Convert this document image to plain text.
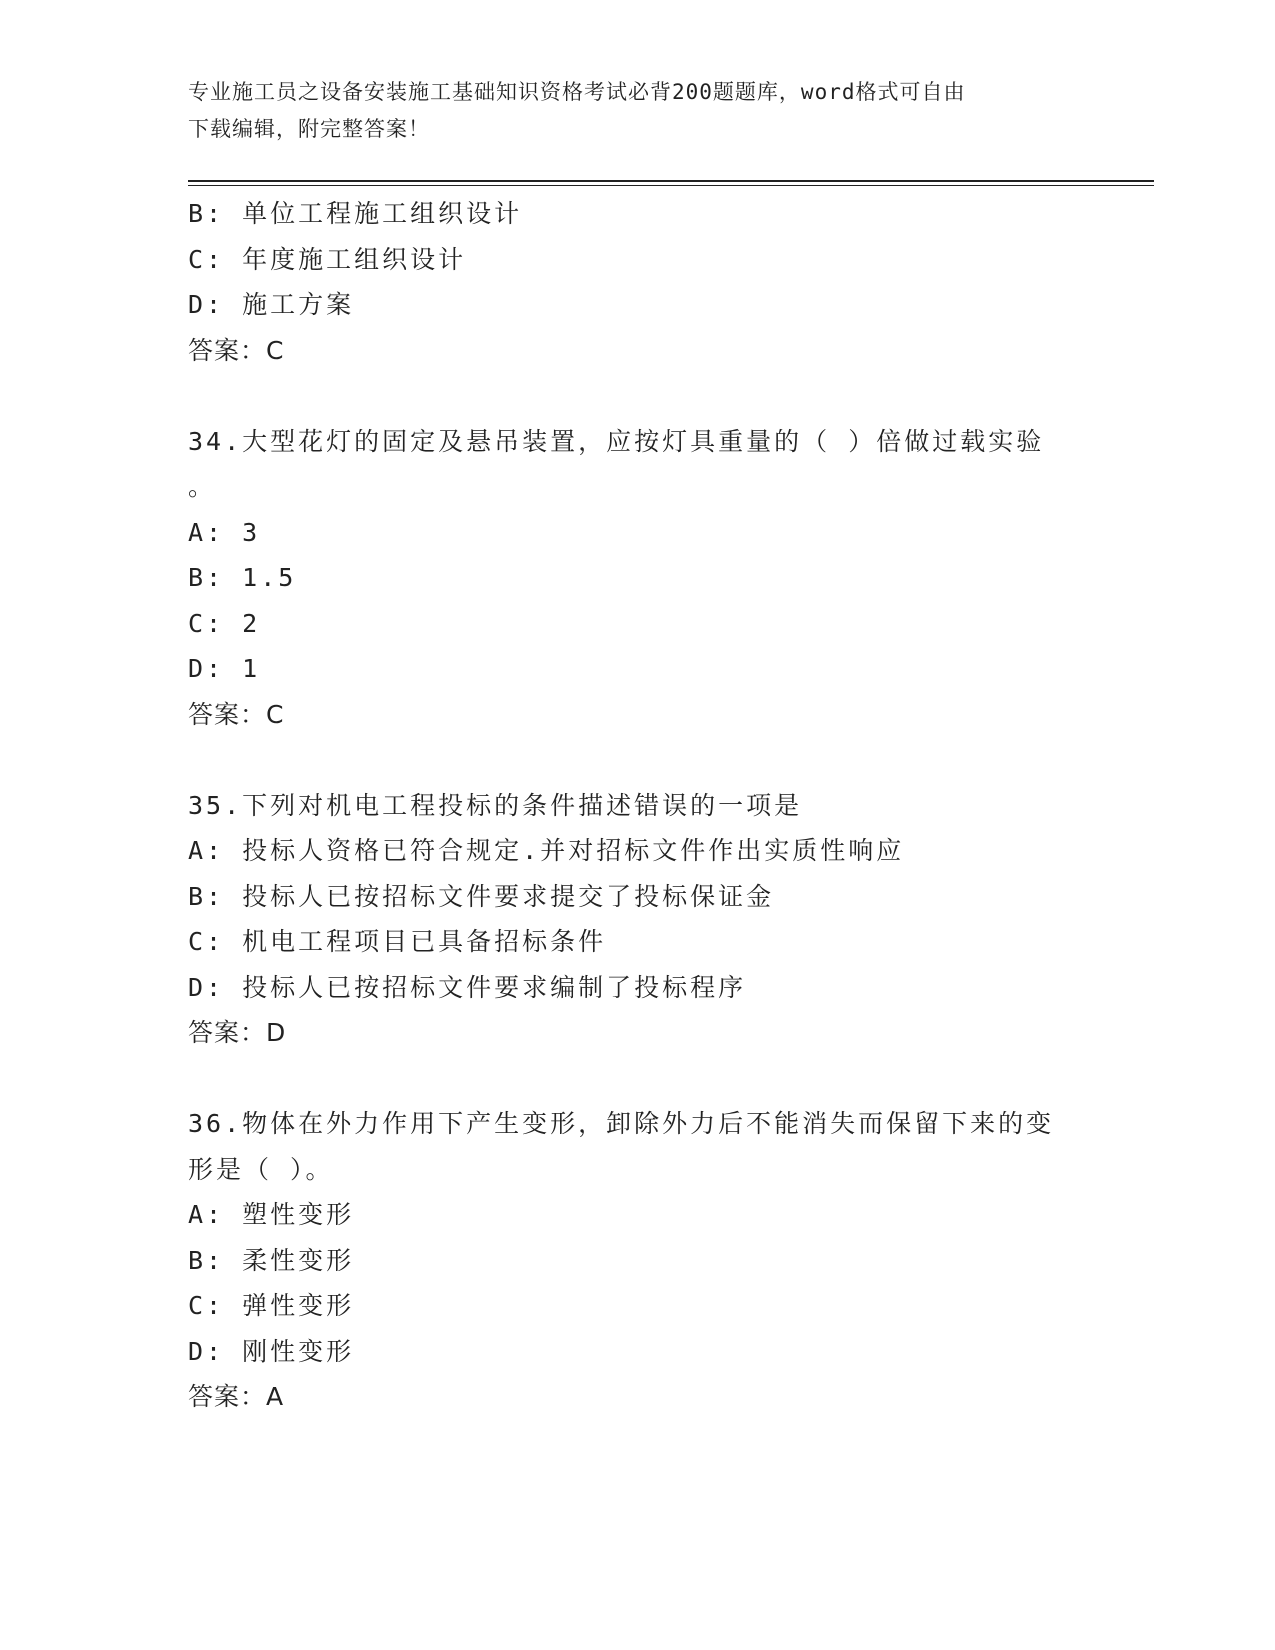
专业施工员之设备安装施工基础知识资格考试必背200题题库，word格式可自由
下载编辑，附完整答案！
B: 单位工程施工组织设计
C: 年度施工组织设计
D: 施工方案
答案：C
34.大型花灯的固定及悬吊装置，应按灯具重量的（ ）倍做过载实验
。
A: 3
B: 1.5
C: 2
D: 1
答案：C
35.下列对机电工程投标的条件描述错误的一项是
A: 投标人资格已符合规定.并对招标文件作出实质性响应
B: 投标人已按招标文件要求提交了投标保证金
C: 机电工程项目已具备招标条件
D: 投标人已按招标文件要求编制了投标程序
答案：D
36.物体在外力作用下产生变形，卸除外力后不能消失而保留下来的变
形是（ ）。
A: 塑性变形
B: 柔性变形
C: 弹性变形
D: 刚性变形
答案：A
